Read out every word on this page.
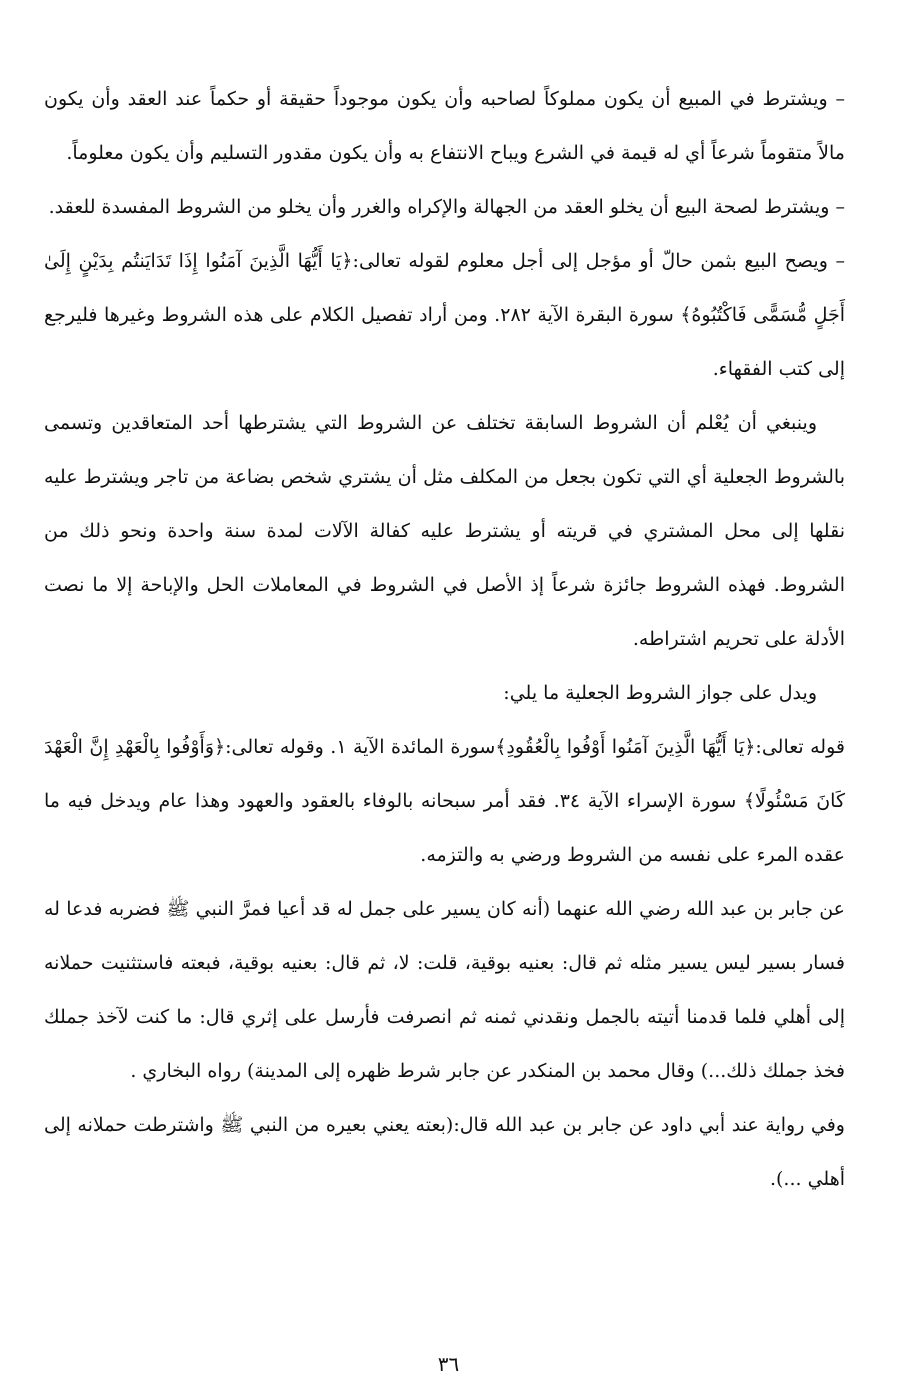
– ويشترط في المبيع أن يكون مملوكاً لصاحبه وأن يكون موجوداً حقيقة أو حكماً عند العقد وأن يكون مالاً متقوماً شرعاً أي له قيمة في الشرع ويباح الانتفاع به وأن يكون مقدور التسليم وأن يكون معلوماً.

– ويشترط لصحة البيع أن يخلو العقد من الجهالة والإكراه والغرر وأن يخلو من الشروط المفسدة للعقد.

– ويصح البيع بثمن حالّ أو مؤجل إلى أجل معلوم لقوله تعالى:﴿يَا أَيُّهَا الَّذِينَ آمَنُوا إِذَا تَدَايَنتُم بِدَيْنٍ إِلَىٰ أَجَلٍ مُّسَمًّى فَاكْتُبُوهُ﴾ سورة البقرة الآية ٢٨٢. ومن أراد تفصيل الكلام على هذه الشروط وغيرها فليرجع إلى كتب الفقهاء.

وينبغي أن يُعْلم أن الشروط السابقة تختلف عن الشروط التي يشترطها أحد المتعاقدين وتسمى بالشروط الجعلية أي التي تكون بجعل من المكلف مثل أن يشتري شخص بضاعة من تاجر ويشترط عليه نقلها إلى محل المشتري في قريته أو يشترط عليه كفالة الآلات لمدة سنة واحدة ونحو ذلك من الشروط. فهذه الشروط جائزة شرعاً إذ الأصل في الشروط في المعاملات الحل والإباحة إلا ما نصت الأدلة على تحريم اشتراطه.

ويدل على جواز الشروط الجعلية ما يلي:

قوله تعالى:﴿يَا أَيُّهَا الَّذِينَ آمَنُوا أَوْفُوا بِالْعُقُودِ﴾سورة المائدة الآية ١. وقوله تعالى:﴿وَأَوْفُوا بِالْعَهْدِ إِنَّ الْعَهْدَ كَانَ مَسْئُولًا﴾ سورة الإسراء الآية ٣٤. فقد أمر سبحانه بالوفاء بالعقود والعهود وهذا عام ويدخل فيه ما عقده المرء على نفسه من الشروط ورضي به والتزمه.

عن جابر بن عبد الله رضي الله عنهما (أنه كان يسير على جمل له قد أعيا فمرَّ النبي ﷺ فضربه فدعا له فسار بسير ليس يسير مثله ثم قال: بعنيه بوقية، قلت: لا، ثم قال: بعنيه بوقية، فبعته فاستثنيت حملانه إلى أهلي فلما قدمنا أتيته بالجمل ونقدني ثمنه ثم انصرفت فأرسل على إثري قال: ما كنت لآخذ جملك فخذ جملك ذلك...) وقال محمد بن المنكدر عن جابر شرط ظهره إلى المدينة) رواه البخاري .

وفي رواية عند أبي داود عن جابر بن عبد الله قال:(بعته يعني بعيره من النبي ﷺ واشترطت حملانه إلى أهلي ...).

٣٦
